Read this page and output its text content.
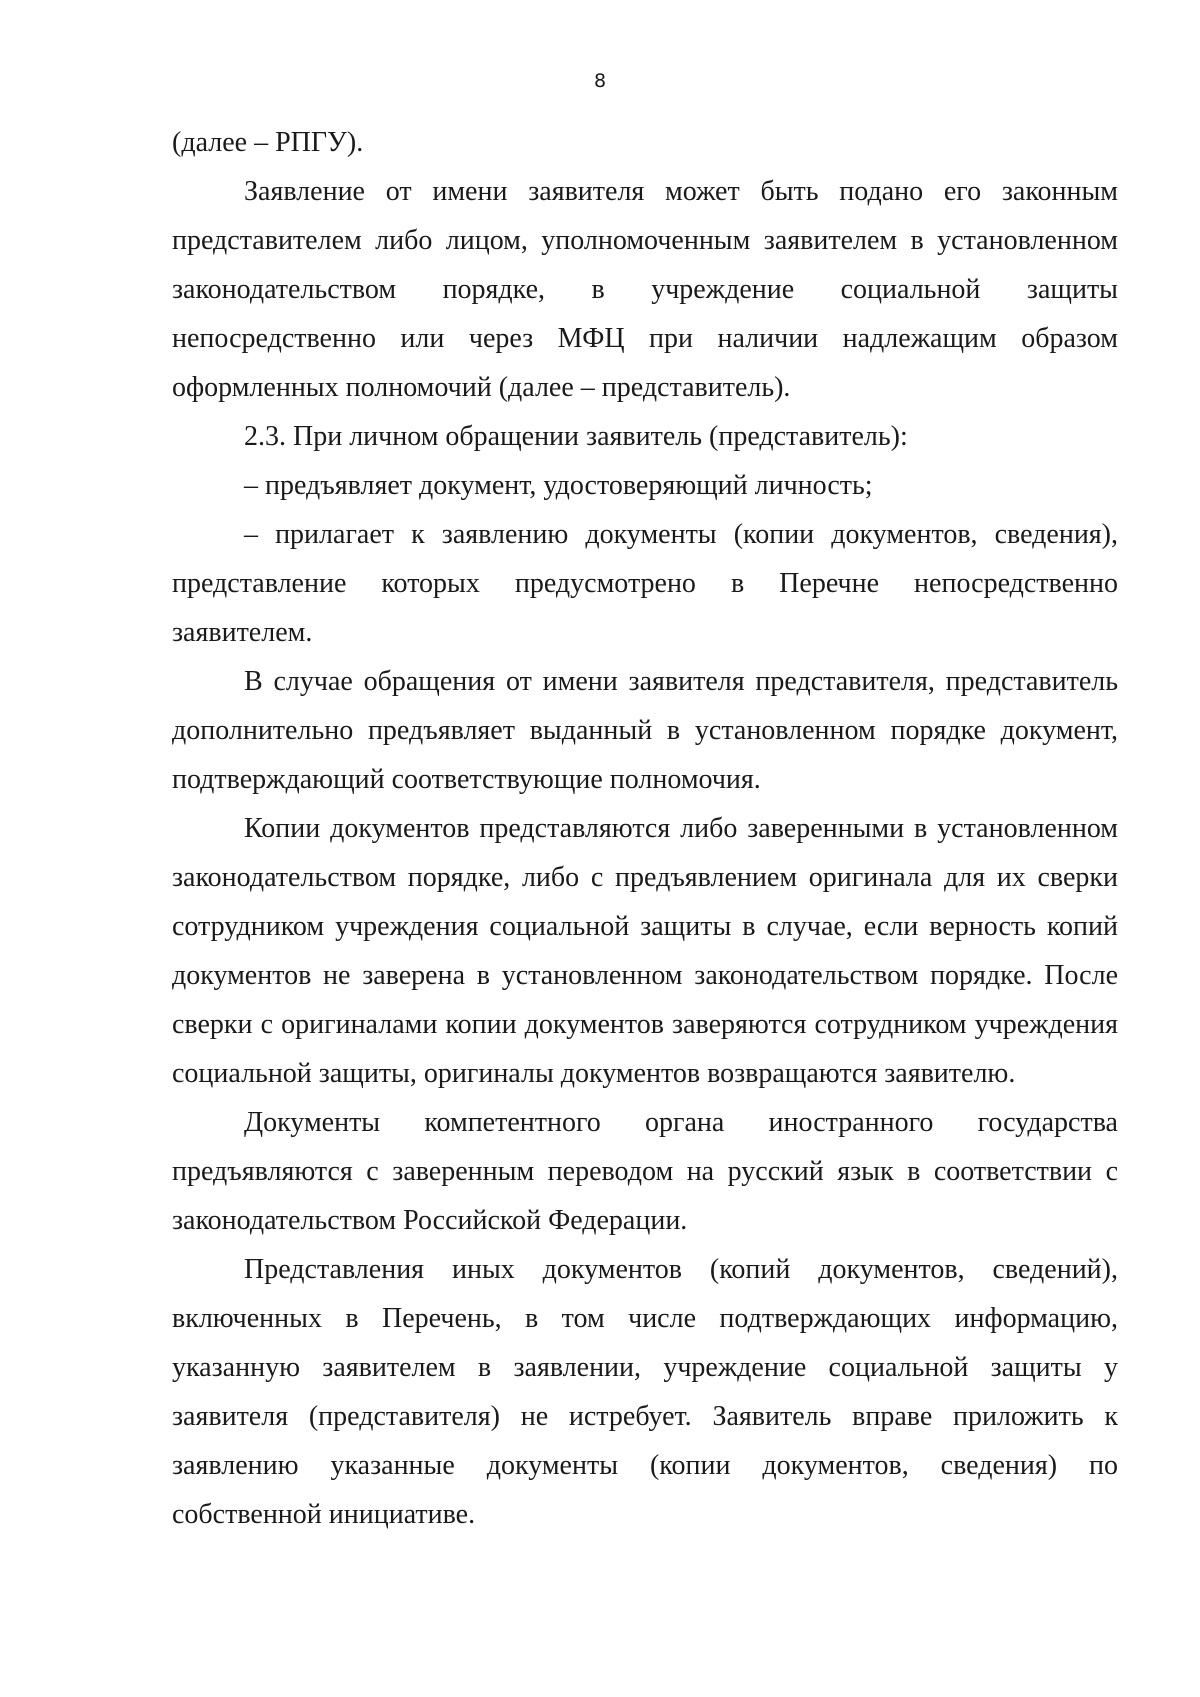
8

(далее – РПГУ).

Заявление от имени заявителя может быть подано его законным представителем либо лицом, уполномоченным заявителем в установленном законодательством порядке, в учреждение социальной защиты непосредственно или через МФЦ при наличии надлежащим образом оформленных полномочий (далее – представитель).

2.3. При личном обращении заявитель (представитель):

– предъявляет документ, удостоверяющий личность;

– прилагает к заявлению документы (копии документов, сведения), представление которых предусмотрено в Перечне непосредственно заявителем.

В случае обращения от имени заявителя представителя, представитель дополнительно предъявляет выданный в установленном порядке документ, подтверждающий соответствующие полномочия.

Копии документов представляются либо заверенными в установленном законодательством порядке, либо с предъявлением оригинала для их сверки сотрудником учреждения социальной защиты в случае, если верность копий документов не заверена в установленном законодательством порядке. После сверки с оригиналами копии документов заверяются сотрудником учреждения социальной защиты, оригиналы документов возвращаются заявителю.

Документы компетентного органа иностранного государства предъявляются с заверенным переводом на русский язык в соответствии с законодательством Российской Федерации.

Представления иных документов (копий документов, сведений), включенных в Перечень, в том числе подтверждающих информацию, указанную заявителем в заявлении, учреждение социальной защиты у заявителя (представителя) не истребует. Заявитель вправе приложить к заявлению указанные документы (копии документов, сведения) по собственной инициативе.
